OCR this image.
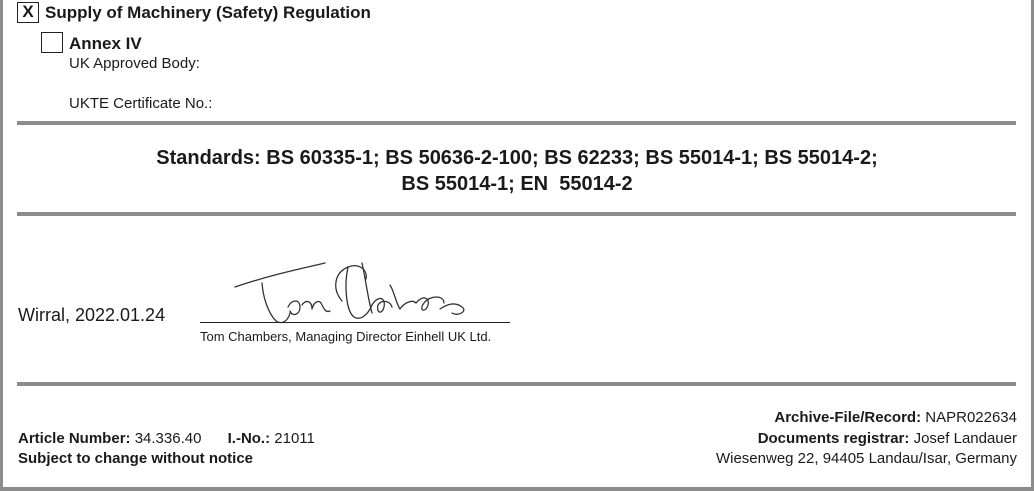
X Supply of Machinery (Safety) Regulation
Annex IV
UK Approved Body:
UKTE Certificate No.:
Standards: BS 60335-1; BS 50636-2-100; BS 62233; BS 55014-1; BS 55014-2;
BS 55014-1; EN  55014-2
Wirral, 2022.01.24
Tom Chambers, Managing Director Einhell UK Ltd.
Article Number: 34.336.40 I.-No.: 21011
Subject to change without notice
Archive-File/Record: NAPR022634
Documents registrar: Josef Landauer
Wiesenweg 22, 94405 Landau/Isar, Germany
